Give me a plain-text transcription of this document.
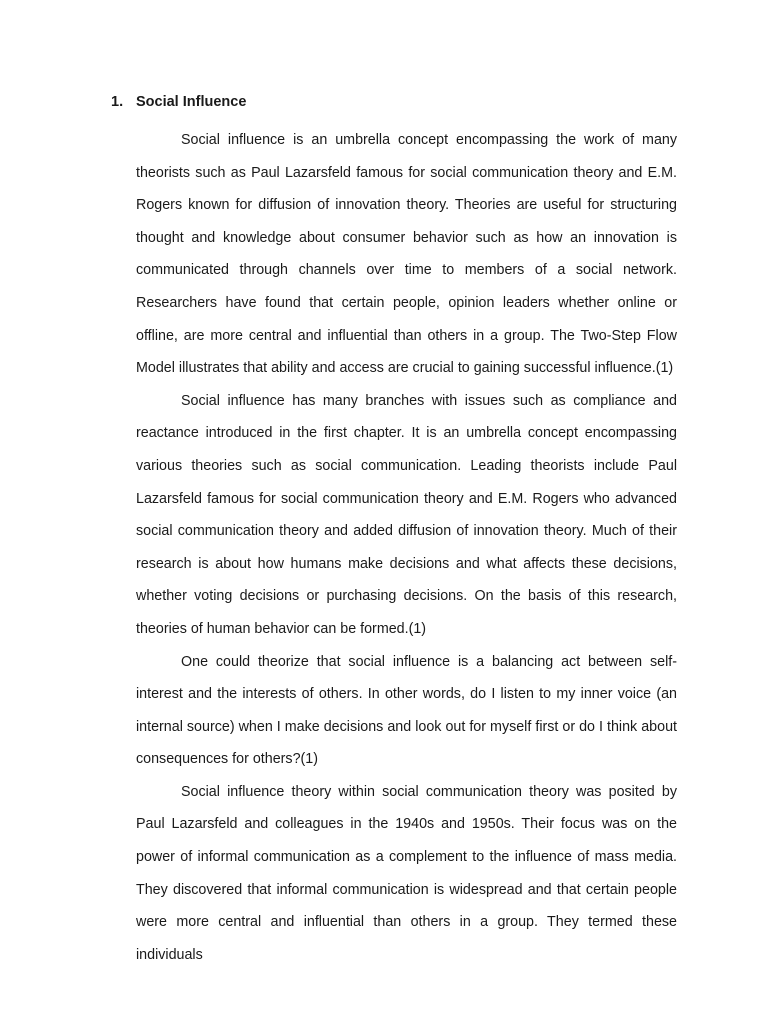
1. Social Influence

Social influence is an umbrella concept encompassing the work of many theorists such as Paul Lazarsfeld famous for social communication theory and E.M. Rogers known for diffusion of innovation theory. Theories are useful for structuring thought and knowledge about consumer behavior such as how an innovation is communicated through channels over time to members of a social network. Researchers have found that certain people, opinion leaders whether online or offline, are more central and influential than others in a group. The Two-Step Flow Model illustrates that ability and access are crucial to gaining successful influence.(1)

Social influence has many branches with issues such as compliance and reactance introduced in the first chapter. It is an umbrella concept encompassing various theories such as social communication. Leading theorists include Paul Lazarsfeld famous for social communication theory and E.M. Rogers who advanced social communication theory and added diffusion of innovation theory. Much of their research is about how humans make decisions and what affects these decisions, whether voting decisions or purchasing decisions. On the basis of this research, theories of human behavior can be formed.(1)

One could theorize that social influence is a balancing act between self-interest and the interests of others. In other words, do I listen to my inner voice (an internal source) when I make decisions and look out for myself first or do I think about consequences for others?(1)

Social influence theory within social communication theory was posited by Paul Lazarsfeld and colleagues in the 1940s and 1950s. Their focus was on the power of informal communication as a complement to the influence of mass media. They discovered that informal communication is widespread and that certain people were more central and influential than others in a group. They termed these individuals
